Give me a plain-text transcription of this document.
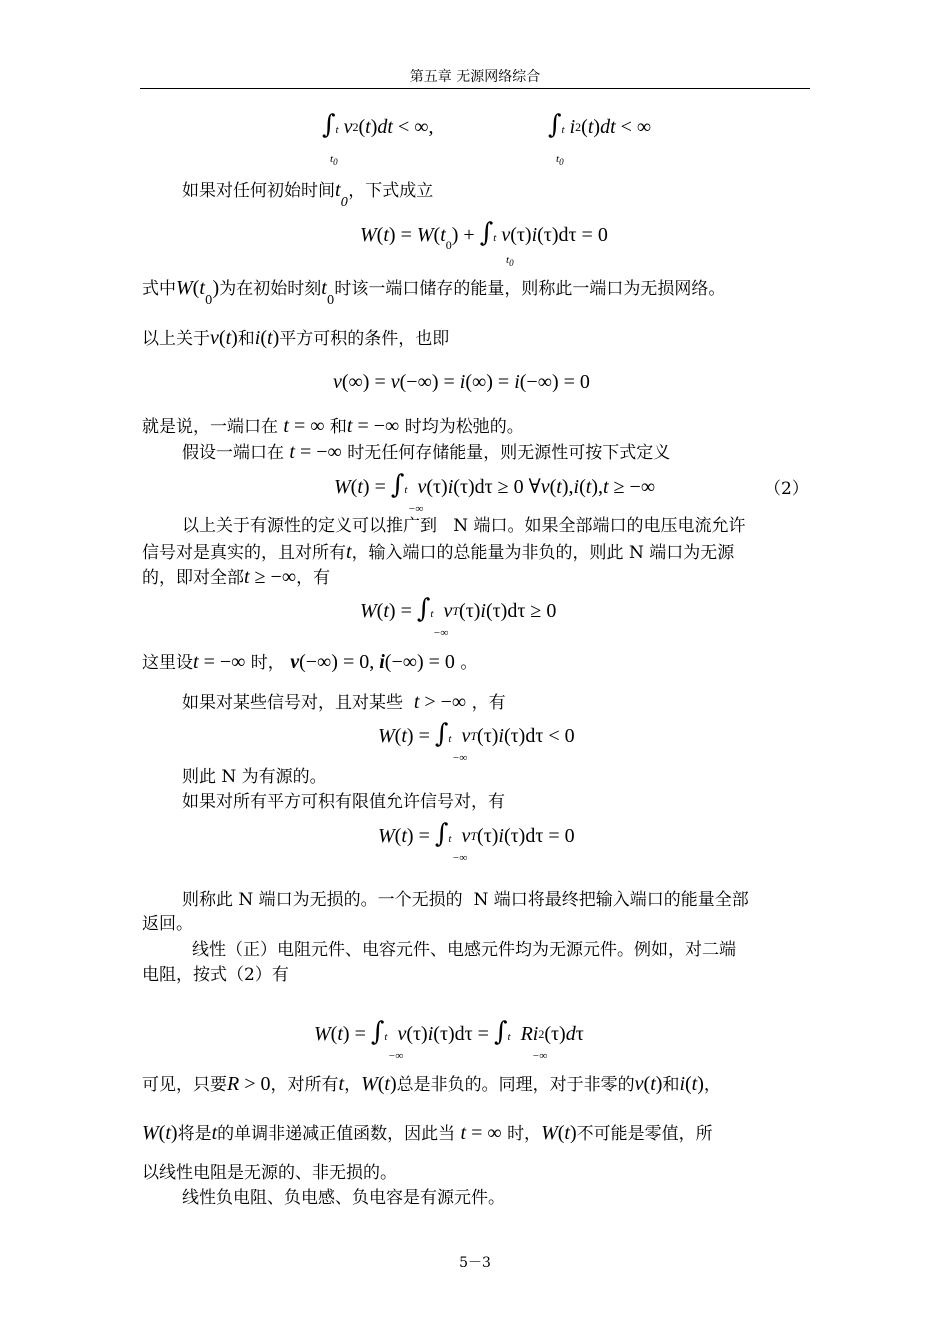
第五章 无源网络综合
∫t v2(t)dt < ∞,
$t_0$
∫t i2(t)dt < ∞
$t_0$
如果对任何初始时间$t_0$，下式成立
$W(t) = W(t_0) + \int t$ v(τ)i(τ)dτ = 0
$t_0$
式中$W(t_0)$为在初始时刻$t_0$时该一端口储存的能量，则称此一端口为无损网络。
以上关于v(t)和i(t)平方可积的条件，也即
v(∞) = v(−∞) = i(∞) = i(−∞) = 0
就是说，一端口在 t = ∞ 和t = −∞ 时均为松弛的。
假设一端口在 t = −∞ 时无任何存储能量，则无源性可按下式定义
W(t) = ∫t v(τ)i(τ)dτ ≥ 0 ∀v(t),i(t),t ≥ −∞
−∞
（2）
以上关于有源性的定义可以推广到 N 端口。如果全部端口的电压电流允许
信号对是真实的，且对所有t，输入端口的总能量为非负的，则此 N 端口为无源
的，即对全部t ≥ −∞，有
W(t) = ∫t vT(τ)i(τ)dτ ≥ 0
−∞
这里设t = −∞ 时， v(−∞) = 0, i(−∞) = 0 。
如果对某些信号对，且对某些 t > −∞ ，有
W(t) = ∫t vT(τ)i(τ)dτ < 0
−∞
则此 N 为有源的。
如果对所有平方可积有限值允许信号对，有
W(t) = ∫t vT(τ)i(τ)dτ = 0
−∞
则称此 N 端口为无损的。一个无损的 N 端口将最终把输入端口的能量全部
返回。
线性（正）电阻元件、电容元件、电感元件均为无源元件。例如，对二端
电阻，按式（2）有
W(t) = ∫t v(τ)i(τ)dτ = ∫t Ri2(τ)dτ
−∞	−∞
可见，只要R > 0，对所有t，W(t)总是非负的。同理，对于非零的v(t)和i(t)，
W(t)将是t的单调非递减正值函数，因此当 t = ∞ 时，W(t)不可能是零值，所
以线性电阻是无源的、非无损的。
线性负电阻、负电感、负电容是有源元件。
5－3
